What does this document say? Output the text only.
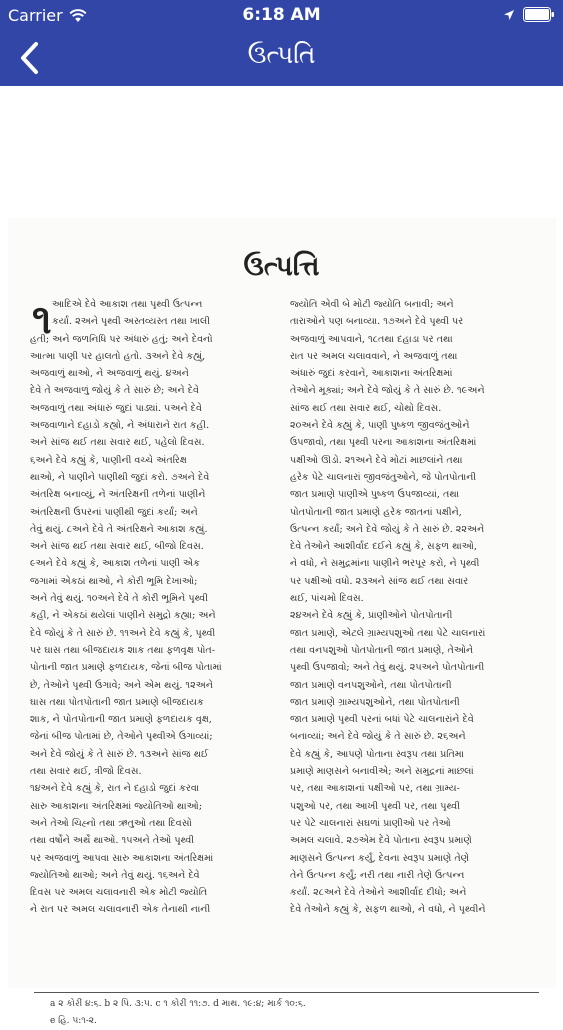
Carrier	6:18 AM
ઉત્પતિ
ઉત્પત્તિ
૧ આદિએ દેવે આકાશ તથા પૃથ્વી ઉત્પન્ન
કર્યા. ૨અને પૃથ્વી અસ્તવ્યસ્ત તથા ખાલી
હતી; અને જળનિધિ પર અંધારું હતું; અને દેવનો
આત્મા પાણી પર હાલતો હતો. ૩અને દેવે કહ્યું,
અજવાળું થાઓ, ને અજવાળું થયું. ૪અને
દેવે તે અજવાળું જોયું કે તે સારું છે; અને દેવે
અજવાળું તથા અંધારું જુદાં પાડ્યાં. ૫અને દેવે
અજવાળાને દહાડો કહ્યો, ને અંધારાને રાત કહી.
અને સાંજ થઈ તથા સવાર થઈ, પહેલો દિવસ.
૬અને દેવે કહ્યું કે, પાણીની વચ્ચે અંતરિક્ષ
થાઓ, ને પાણીને પાણીથી જુદાં કરો. ૭અને દેવે
અંતરિક્ષ બનાવ્યું, ને અંતરિક્ષની તળેનાં પાણીને
અંતરિક્ષની ઉપરનાં પાણીથી જુદાં કર્યાં; અને
તેવું થયું. ૮અને દેવે તે અંતરિક્ષને આકાશ કહ્યું.
અને સાંજ થઈ તથા સવાર થઈ, બીજો દિવસ.
૯અને દેવે કહ્યું કે, આકાશ તળેનાં પાણી એક
જગામાં એકઠાં થાઓ, ને કોરી ભૂમિ દેખાઓ;
અને તેવું થયું. ૧૦અને દેવે તે કોરી ભૂમિને પૃથ્વી
કહી, ને એકઠાં થયેલાં પાણીને સમુદ્રો કહ્યા; અને
દેવે જોયું કે તે સારું છે. ૧૧અને દેવે કહ્યું કે, પૃથ્વી
પર ઘાસ તથા બીજદાયક શાક તથા ફળવૃક્ષ પોત-
પોતાની જાત પ્રમાણે ફળદાયક, જેનાં બીજ પોતામાં
છે, તેઓને પૃથ્વી ઉગાવે; અને એમ થયું. ૧૨અને
ઘાસ તથા પોતપોતાની જાત પ્રમાણે બીજદાયક
શાક, ને પોતપોતાની જાત પ્રમાણે ફળદાયક વૃક્ષ,
જેનાં બીજ પોતામાં છે, તેઓને પૃથ્વીએ ઉગાવ્યાં;
અને દેવે જોયું કે તે સારું છે. ૧૩અને સાંજ થઈ
તથા સવાર થઈ, ત્રીજો દિવસ.
૧૪અને દેવે કહ્યું કે, રાત ને દહાડો જુદાં કરવા
સારુ આકાશના અંતરિક્ષમાં જ્યોતિઓ થાઓ;
અને તેઓ ચિહ્નો તથા ઋતુઓ તથા દિવસો
તથા વર્ષોને અર્થે થાઓ. ૧૫અને તેઓ પૃથ્વી
પર અજવાળું આપવા સારુ આકાશના અંતરિક્ષમાં
જ્યોતિઓ થાઓ; અને તેવું થયું. ૧૬અને દેવે
દિવસ પર અમલ ચલાવનારી એક મોટી જ્યોતિ
ને રાત પર અમલ ચલાવનારી એક તેનાથી નાની
જ્યોતિ એવી બે મોટી જ્યોતિ બનાવી; અને
તારાઓને પણ બનાવ્યા. ૧૭અને દેવે પૃથ્વી પર
અજવાળું આપવાને, ૧૮તથા દહાડા પર તથા
રાત પર અમલ ચલાવવાને, ને અજવાળું તથા
અંધારું જુદાં કરવાને, આકાશના અંતરિક્ષમાં
તેઓને મૂક્યાં; અને દેવે જોયું કે તે સારું છે. ૧૯અને
સાંજ થઈ તથા સવાર થઈ, ચોથો દિવસ.
૨૦અને દેવે કહ્યું કે, પાણી પુષ્કળ જીવજંતુઓને
ઉપજાવો, તથા પૃથ્વી પરના આકાશના અંતરિક્ષમાં
પક્ષીઓ ઊડો. ૨૧અને દેવે મોટાં માછલાંને તથા
હરેક પેટે ચાલનારાં જીવજંતુઓને, જે પોતપોતાની
જાત પ્રમાણે પાણીએ પુષ્કળ ઉપજાવ્યાં, તથા
પોતપોતાની જાત પ્રમાણે હરેક જાતનાં પક્ષીને,
ઉત્પન્ન કર્યાં; અને દેવે જોયું કે તે સારું છે. ૨૨અને
દેવે તેઓને આશીર્વાદ દઈને કહ્યું કે, સફળ થાઓ,
ને વધો, ને સમુદ્રમાંના પાણીને ભરપૂર કરો, ને પૃથ્વી
પર પક્ષીઓ વધો. ૨૩અને સાંજ થઈ તથા સવાર
થઈ, પાંચમો દિવસ.
૨૪અને દેવે કહ્યું કે, પ્રાણીઓને પોતપોતાની
જાત પ્રમાણે, એટલે ગ્રામ્યપશુઓ તથા પેટે ચાલનારાં
તથા વનપશુઓ પોતપોતાની જાત પ્રમાણે, તેઓને
પૃથ્વી ઉપજાવો; અને તેવું થયું. ૨૫અને પોતપોતાની
જાત પ્રમાણે વનપશુઓને, તથા પોતપોતાની
જાત પ્રમાણે ગ્રામ્યપશુઓને, તથા પોતપોતાની
જાત પ્રમાણે પૃથ્વી પરનાં બધાં પેટે ચાલનારાંને દેવે
બનાવ્યાં; અને દેવે જોયું કે તે સારું છે. ૨૬અને
દેવે કહ્યું કે, આપણે પોતાના સ્વરૂપ તથા પ્રતિમા
પ્રમાણે માણસને બનાવીએ; અને સમુદ્રનાં માછલાં
પર, તથા આકાશનાં પક્ષીઓ પર, તથા ગ્રામ્ય-
પશુઓ પર, તથા આખી પૃથ્વી પર, તથા પૃથ્વી
પર પેટે ચાલનારાં સઘળાં પ્રાણીઓ પર તેઓ
અમલ ચલાવે. ૨૭એમ દેવે પોતાના સ્વરૂપ પ્રમાણે
માણસને ઉત્પન્ન કર્યું, દેવના સ્વરૂપ પ્રમાણે તેણે
તેને ઉત્પન્ન કર્યું; નરી તથા નારી તેણે ઉત્પન્ન
કર્યાં. ૨૮અને દેવે તેઓને આશીર્વાદ દીધો; અને
દેવે તેઓને કહ્યું કે, સફળ થાઓ, ને વધો, ને પૃથ્વીને
a ૨ કોરીં ૪:૬. b ૨ પિ. ૩:૫. c ૧ કોરીં ૧૧:૭. d માથ. ૧૯:૪; માર્ક ૧૦:૬.
e હિ. ૫:૧-૨.
